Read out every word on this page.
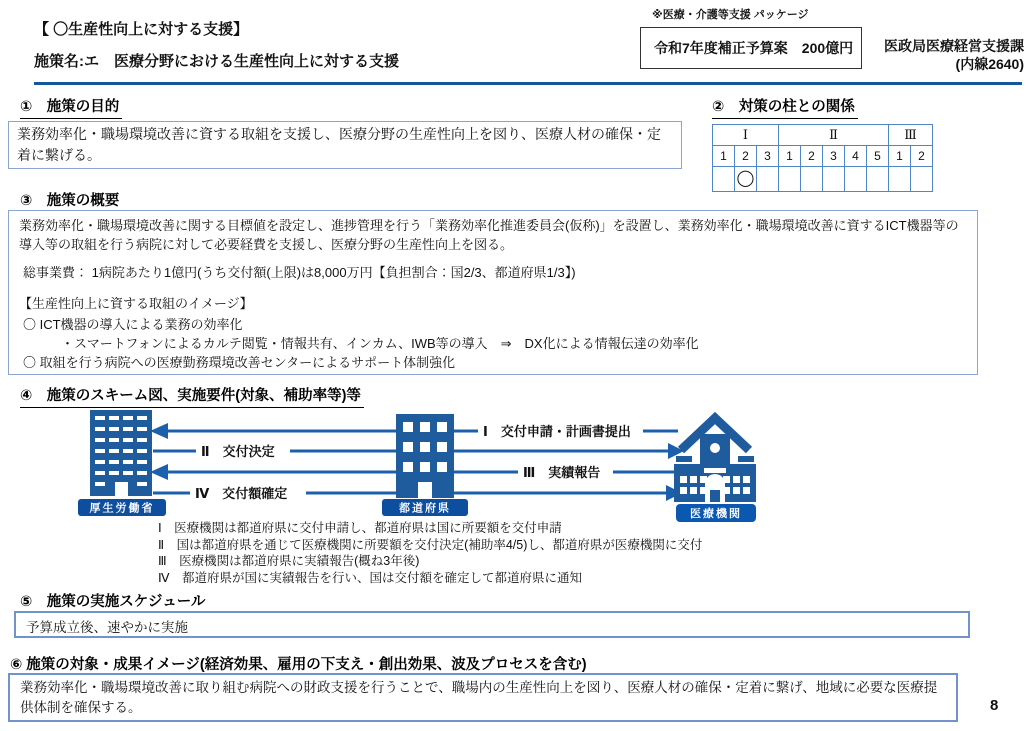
【 〇生産性向上に対する支援】
施策名:エ　医療分野における生産性向上に対する支援
※医療・介護等支援 パッケージ
令和7年度補正予算案　200億円	医政局医療経営支援課
(内線2640)
①　施策の目的
業務効率化・職場環境改善に資する取組を支援し、医療分野の生産性向上を図り、医療人材の確保・定着に繋げる。
②　対策の柱との関係
Ⅰ			Ⅱ					Ⅲ	
1	2	3	1	2	3	4	5	1	2
	◯								
③　施策の概要
業務効率化・職場環境改善に関する目標値を設定し、進捗管理を行う「業務効率化推進委員会(仮称)」を設置し、業務効率化・職場環境改善に資するICT機器等の導入等の取組を行う病院に対して必要経費を支援し、医療分野の生産性向上を図る。
総事業費： 1病院あたり1億円(うち交付額(上限)は8,000万円【負担割合：国2/3、都道府県1/3】)
【生産性向上に資する取組のイメージ】
〇 ICT機器の導入による業務の効率化
・スマートフォンによるカルテ閲覧・情報共有、インカム、IWB等の導入　⇒　DX化による情報伝達の効率化
〇 取組を行う病院への医療勤務環境改善センターによるサポート体制強化
④　施策のスキーム図、実施要件(対象、補助率等)等
Ⅰ　交付申請・計画書提出
Ⅱ　交付決定
Ⅲ　実績報告
Ⅳ　交付額確定
厚生労働省	都道府県	医療機関
Ⅰ　医療機関は都道府県に交付申請し、都道府県は国に所要額を交付申請
Ⅱ　国は都道府県を通じて医療機関に所要額を交付決定(補助率4/5)し、都道府県が医療機関に交付
Ⅲ　医療機関は都道府県に実績報告(概ね3年後)
Ⅳ　都道府県が国に実績報告を行い、国は交付額を確定して都道府県に通知
⑤　施策の実施スケジュール
予算成立後、速やかに実施
⑥ 施策の対象・成果イメージ(経済効果、雇用の下支え・創出効果、波及プロセスを含む)
業務効率化・職場環境改善に取り組む病院への財政支援を行うことで、職場内の生産性向上を図り、医療人材の確保・定着に繋げ、地域に必要な医療提供体制を確保する。	8
